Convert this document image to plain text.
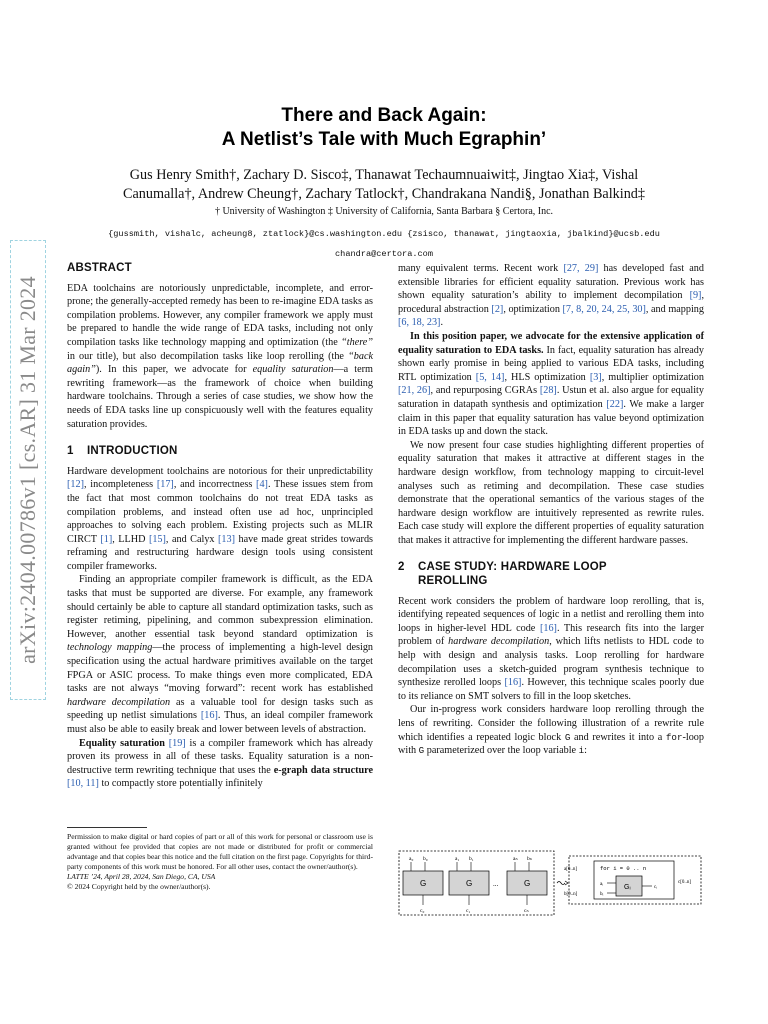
arXiv:2404.00786v1 [cs.AR] 31 Mar 2024
There and Back Again:
A Netlist’s Tale with Much Egraphin’
Gus Henry Smith†, Zachary D. Sisco‡, Thanawat Techaumnuaiwit‡, Jingtao Xia‡, Vishal
Canumalla†, Andrew Cheung†, Zachary Tatlock†, Chandrakana Nandi§, Jonathan Balkind‡
† University of Washington ‡ University of California, Santa Barbara § Certora, Inc.
{gussmith, vishalc, acheung8, ztatlock}@cs.washington.edu {zsisco, thanawat, jingtaoxia, jbalkind}@ucsb.edu
chandra@certora.com
ABSTRACT

EDA toolchains are notoriously unpredictable, incomplete, and error-prone; the generally-accepted remedy has been to re-imagine EDA tasks as compilation problems. However, any compiler framework we apply must be prepared to handle the wide range of EDA tasks, including not only compilation tasks like technology mapping and optimization (the “there” in our title), but also decompilation tasks like loop rerolling (the “back again”). In this paper, we advocate for equality saturation—a term rewriting framework—as the framework of choice when building hardware toolchains. Through a series of case studies, we show how the needs of EDA tasks line up conspicuously well with the features equality saturation provides.

1 INTRODUCTION

Hardware development toolchains are notorious for their unpredictability [12], incompleteness [17], and incorrectness [4]. These issues stem from the fact that most common toolchains do not treat EDA tasks as compilation problems, and instead often use ad hoc, unprincipled approaches to solving each problem. Existing projects such as MLIR CIRCT [1], LLHD [15], and Calyx [13] have made great strides towards reframing and restructuring hardware design tools using consistent compiler frameworks.

Finding an appropriate compiler framework is difficult, as the EDA tasks that must be supported are diverse. For example, any framework should certainly be able to capture all standard optimization tasks, such as register retiming, pipelining, and common subexpression elimination. However, another essential task beyond standard optimization is technology mapping—the process of implementing a high-level design specification using the actual hardware primitives available on the target FPGA or ASIC process. To make things even more complicated, EDA tasks are not always “moving forward”: recent work has established hardware decompilation as a valuable tool for design tasks such as speeding up netlist simulations [16]. Thus, an ideal compiler framework must also be able to easily break and lower between levels of abstraction.

Equality saturation [19] is a compiler framework which has already proven its prowess in all of these tasks. Equality saturation is a non-destructive term rewriting technique that uses the e-graph data structure [10, 11] to compactly store potentially infinitely

many equivalent terms. Recent work [27, 29] has developed fast and extensible libraries for efficient equality saturation. Previous work has shown equality saturation’s ability to implement decompilation [9], procedural abstraction [2], optimization [7, 8, 20, 24, 25, 30], and mapping [6, 18, 23].

In this position paper, we advocate for the extensive application of equality saturation to EDA tasks. In fact, equality saturation has already shown early promise in being applied to various EDA tasks, including RTL optimization [5, 14], HLS optimization [3], multiplier optimization [21, 26], and repurposing CGRAs [28]. Ustun et al. also argue for equality saturation in datapath synthesis and optimization [22]. We make a larger claim in this paper that equality saturation has value beyond optimization in EDA tasks up and down the stack.

We now present four case studies highlighting different properties of equality saturation that makes it attractive at different stages in the hardware design workflow, from technology mapping to circuit-level analyses such as retiming and decompilation. These case studies demonstrate that the operational semantics of the various stages of the hardware design workflow are intuitively represented as rewrite rules. Each case study will explore the different properties of equality saturation that makes it attractive for implementing the different hardware passes.

2 CASE STUDY: HARDWARE LOOP
REROLLING

Recent work considers the problem of hardware loop rerolling, that is, identifying repeated sequences of logic in a netlist and rerolling them into loops in higher-level HDL code [16]. This research fits into the larger problem of hardware decompilation, which lifts netlists to HDL code to help with design and analysis tasks. Loop rerolling for hardware decompilation uses a sketch-guided program synthesis technique to synthesize rerolled loops [16]. However, this technique scales poorly due to its reliance on SMT solvers to fill in the loop sketches.

Our in-progress work considers hardware loop rerolling through the lens of rewriting. Consider the following illustration of a rewrite rule which identifies a repeated logic block G and rewrites it into a for-loop with G parameterized over the loop variable i:

Permission to make digital or hard copies of part or all of this work for personal or classroom use is granted without fee provided that copies are not made or distributed for profit or commercial advantage and that copies bear this notice and the full citation on the first page. Copyrights for third-party components of this work must be honored. For all other uses, contact the owner/author(s).

LATTE ’24, April 28, 2024, San Diego, CA, USA

© 2024 Copyright held by the owner/author(s).

a₀ b₀
G
c₀
a₁ b₁
G
c₁
...
aₙ bₙ
G
cₙ
a[0..n]
b[0..n]
for i = 0 .. n
aᵢ
bᵢ
Gᵢ	cᵢ
c[0..n]
